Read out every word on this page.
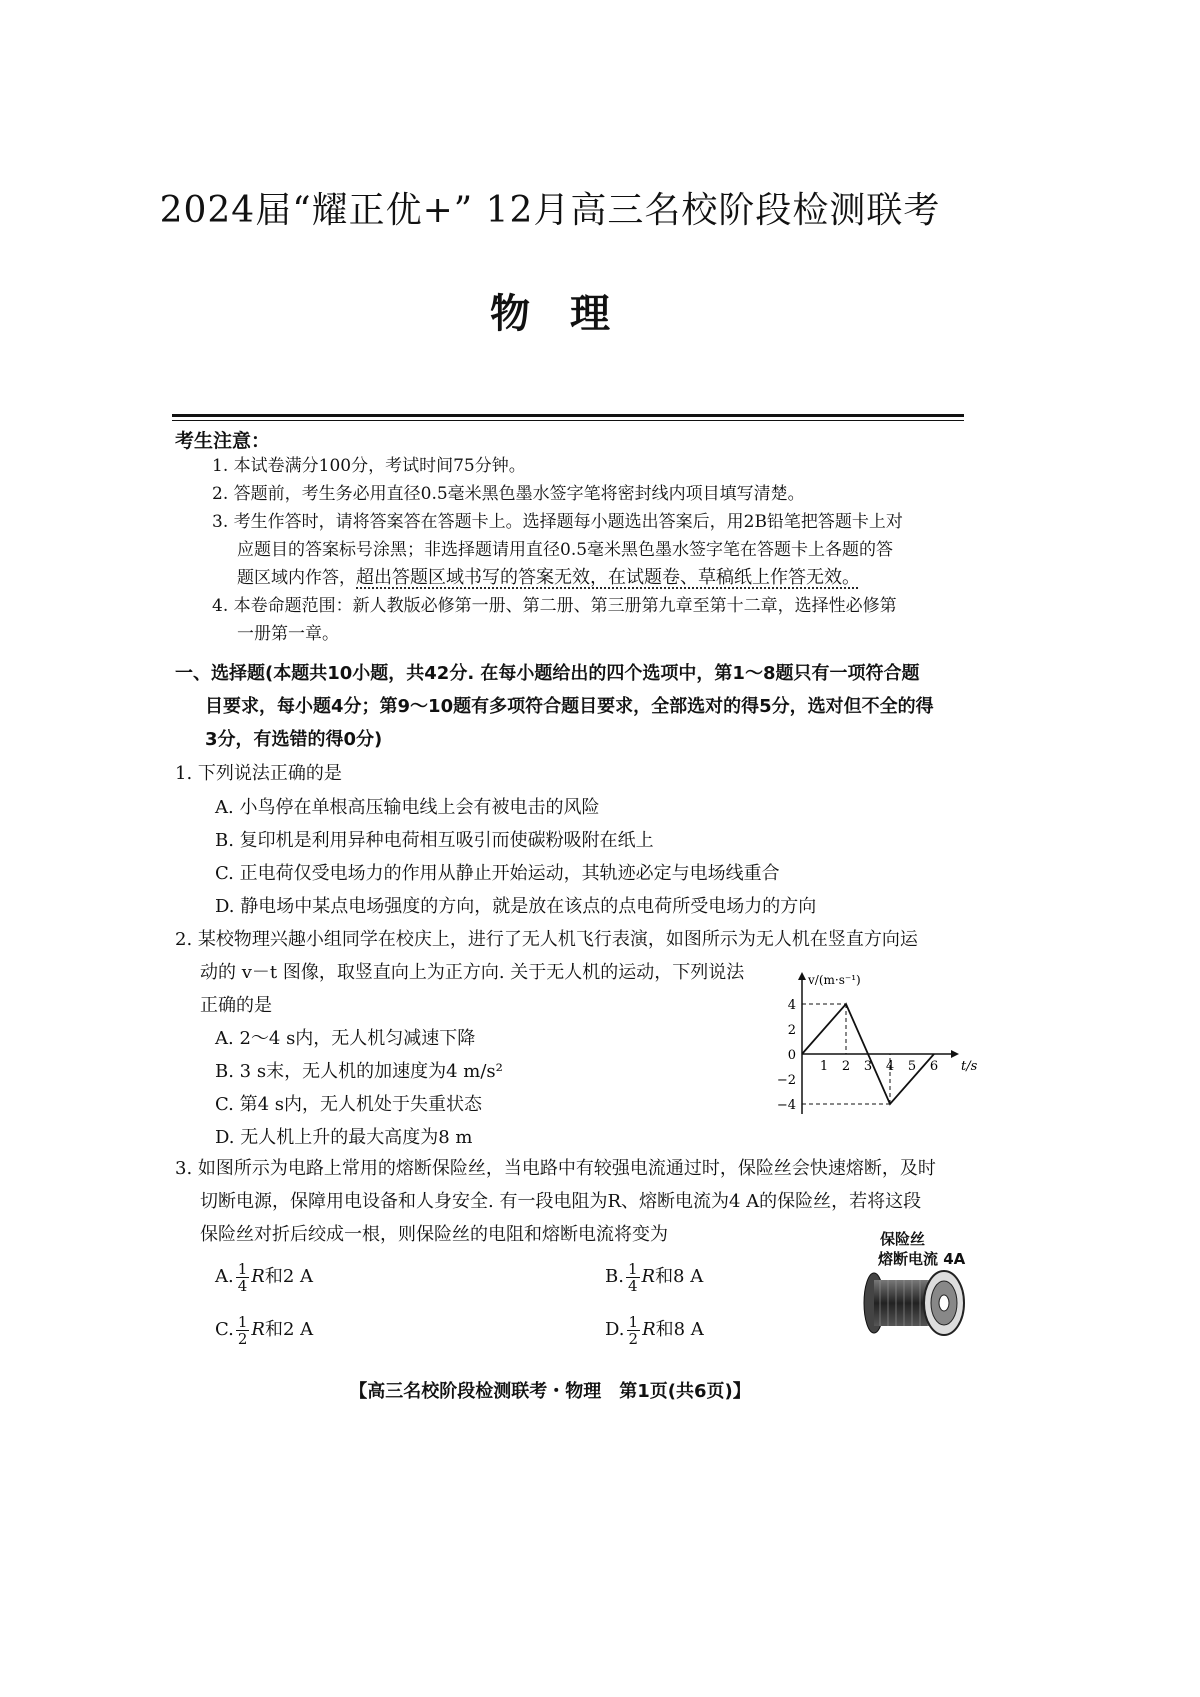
2024届“耀正优+” 12月高三名校阶段检测联考
物　理
考生注意：

1. 本试卷满分100分，考试时间75分钟。

2. 答题前，考生务必用直径0.5毫米黑色墨水签字笔将密封线内项目填写清楚。

3. 考生作答时，请将答案答在答题卡上。选择题每小题选出答案后，用2B铅笔把答题卡上对
应题目的答案标号涂黑；非选择题请用直径0.5毫米黑色墨水签字笔在答题卡上各题的答
题区域内作答，超出答题区域书写的答案无效，在试题卷、草稿纸上作答无效。

4. 本卷命题范围：新人教版必修第一册、第二册、第三册第九章至第十二章，选择性必修第
一册第一章。

一、选择题(本题共10小题，共42分. 在每小题给出的四个选项中，第1～8题只有一项符合题
目要求，每小题4分；第9～10题有多项符合题目要求，全部选对的得5分，选对但不全的得
3分，有选错的得0分)
1. 下列说法正确的是
A. 小鸟停在单根高压输电线上会有被电击的风险
B. 复印机是利用异种电荷相互吸引而使碳粉吸附在纸上
C. 正电荷仅受电场力的作用从静止开始运动，其轨迹必定与电场线重合
D. 静电场中某点电场强度的方向，就是放在该点的点电荷所受电场力的方向
2. 某校物理兴趣小组同学在校庆上，进行了无人机飞行表演，如图所示为无人机在竖直方向运
动的 v－t 图像，取竖直向上为正方向. 关于无人机的运动，下列说法
正确的是
A. 2～4 s内，无人机匀减速下降
B. 3 s末，无人机的加速度为4 m/s²
C. 第4 s内，无人机处于失重状态
D. 无人机上升的最大高度为8 m
v/(m·s⁻¹)
t/s
4
2
0
−2
−4
1 2 3 4 5 6
3. 如图所示为电路上常用的熔断保险丝，当电路中有较强电流通过时，保险丝会快速熔断，及时
切断电源，保障用电设备和人身安全. 有一段电阻为R、熔断电流为4 A的保险丝，若将这段
保险丝对折后绞成一根，则保险丝的电阻和熔断电流将变为
A. $\frac{1}{4}$ R和2 A	B. $\frac{1}{4}$ R和8 A
C. $\frac{1}{2}$ R和2 A	D. $\frac{1}{2}$ R和8 A
保险丝
熔断电流 4A
【高三名校阶段检测联考・物理　第1页(共6页)】
